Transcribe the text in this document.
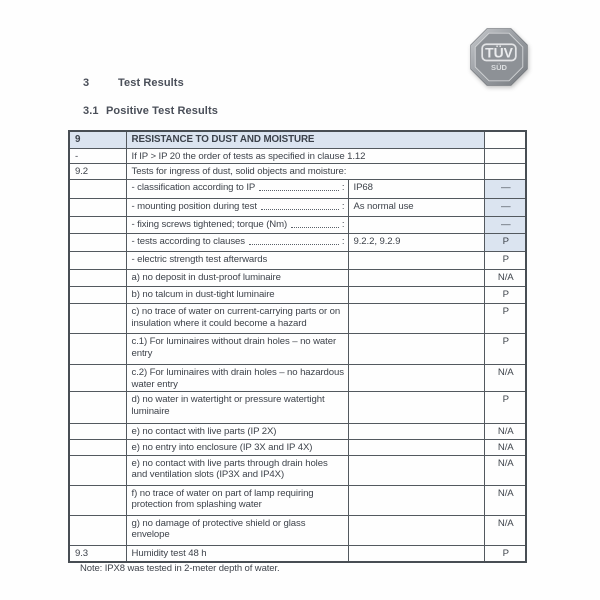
TÜV
SÜD
3	Test Results
3.1 Positive Test Results
9	RESISTANCE TO DUST AND MOISTURE		
-	If IP > IP 20 the order of tests as specified in clause 1.12		
9.2	Tests for ingress of dust, solid objects and moisture:		

	- classification according to IP :	IP68	—

	- mounting position during test :	As normal use	—

	- fixing screws tightened; torque (Nm) :		—

	- tests according to clauses :	9.2.2, 9.2.9	P
	- electric strength test afterwards		P
	a) no deposit in dust-proof luminaire		N/A
	b) no talcum in dust-tight luminaire		P
	c) no trace of water on current-carrying parts or on insulation where it could become a hazard		P
	c.1) For luminaires without drain holes – no water entry		P
	c.2) For luminaires with drain holes – no hazardous water entry		N/A
	d) no water in watertight or pressure watertight luminaire		P
	e) no contact with live parts (IP 2X)		N/A
	e) no entry into enclosure (IP 3X and IP 4X)		N/A
	e) no contact with live parts through drain holes and ventilation slots (IP3X and IP4X)		N/A
	f) no trace of water on part of lamp requiring protection from splashing water		N/A
	g) no damage of protective shield or glass envelope		N/A
9.3	Humidity test 48 h		P
Note: IPX8 was tested in 2-meter depth of water.
